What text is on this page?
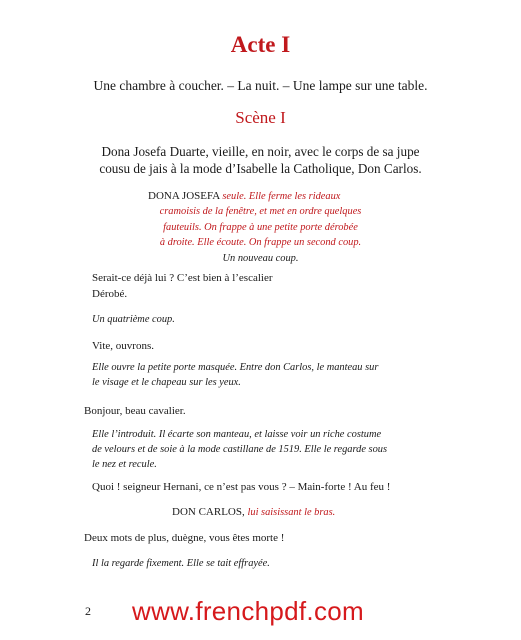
Acte I

Une chambre à coucher. – La nuit. – Une lampe sur une table.

Scène I

Dona Josefa Duarte, vieille, en noir, avec le corps de sa jupe

cousu de jais à la mode d’Isabelle la Catholique, Don Carlos.

DONA JOSEFA seule. Elle ferme les rideaux

cramoisis de la fenêtre, et met en ordre quelques

fauteuils. On frappe à une petite porte dérobée

à droite. Elle écoute. On frappe un second coup.

Un nouveau coup.

Serait-ce déjà lui ? C’est bien à l’escalier

Dérobé.

Un quatrième coup.

Vite, ouvrons.

Elle ouvre la petite porte masquée. Entre don Carlos, le manteau sur

le visage et le chapeau sur les yeux.

Bonjour, beau cavalier.

Elle l’introduit. Il écarte son manteau, et laisse voir un riche costume

de velours et de soie à la mode castillane de 1519. Elle le regarde sous

le nez et recule.

Quoi ! seigneur Hernani, ce n’est pas vous ? – Main-forte ! Au feu !

DON CARLOS, lui saisissant le bras.

Deux mots de plus, duègne, vous êtes morte !

Il la regarde fixement. Elle se tait effrayée.

2 www.frenchpdf.com
